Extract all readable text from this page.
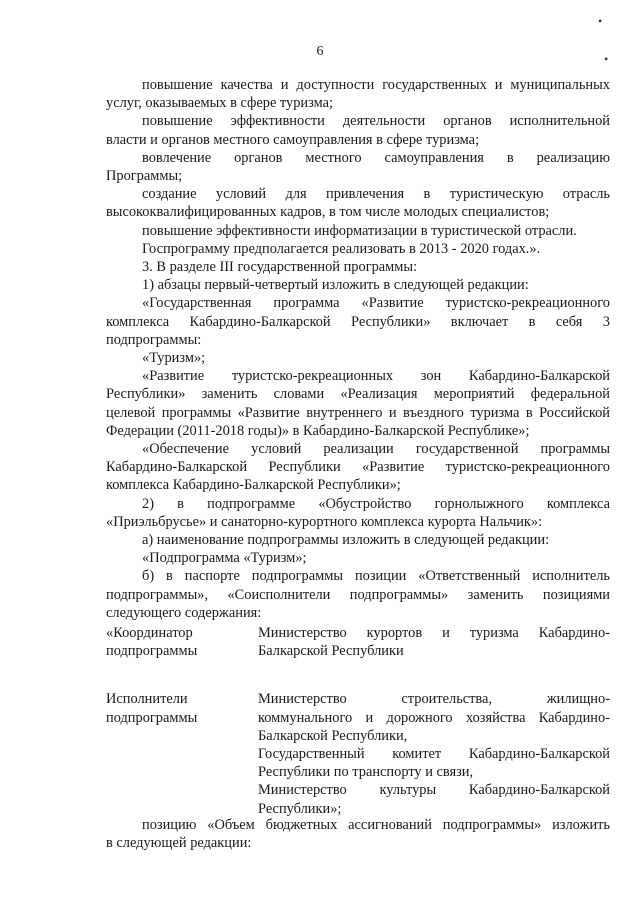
6
•
•
повышение качества и доступности государственных и муниципальных
услуг, оказываемых в сфере туризма;
повышение эффективности деятельности органов исполнительной
власти и органов местного самоуправления в сфере туризма;
вовлечение органов местного самоуправления в реализацию
Программы;
создание условий для привлечения в туристическую отрасль
высококвалифицированных кадров, в том числе молодых специалистов;
повышение эффективности информатизации в туристической отрасли.
Госпрограмму предполагается реализовать в 2013 - 2020 годах.».
3. В разделе III государственной программы:
1) абзацы первый-четвертый изложить в следующей редакции:
«Государственная программа «Развитие туристско-рекреационного
комплекса Кабардино-Балкарской Республики» включает в себя 3
подпрограммы:
«Туризм»;
«Развитие туристско-рекреационных зон Кабардино-Балкарской
Республики» заменить словами «Реализация мероприятий федеральной
целевой программы «Развитие внутреннего и въездного туризма в Российской
Федерации (2011-2018 годы)» в Кабардино-Балкарской Республике»;
«Обеспечение условий реализации государственной программы
Кабардино-Балкарской Республики «Развитие туристско-рекреационного
комплекса Кабардино-Балкарской Республики»;
2) в подпрограмме «Обустройство горнолыжного комплекса
«Приэльбрусье» и санаторно-курортного комплекса курорта Нальчик»:
а) наименование подпрограммы изложить в следующей редакции:
«Подпрограмма «Туризм»;
б) в паспорте подпрограммы позиции «Ответственный исполнитель
подпрограммы», «Соисполнители подпрограммы» заменить позициями
следующего содержания:
«Координатор
подпрограммы
Министерство курортов и туризма Кабардино-
Балкарской Республики
Исполнители
подпрограммы
Министерство строительства, жилищно-
коммунального и дорожного хозяйства Кабардино-
Балкарской Республики,
Государственный комитет Кабардино-Балкарской
Республики по транспорту и связи,
Министерство культуры Кабардино-Балкарской
Республики»;
позицию «Объем бюджетных ассигнований подпрограммы» изложить
в следующей редакции:
